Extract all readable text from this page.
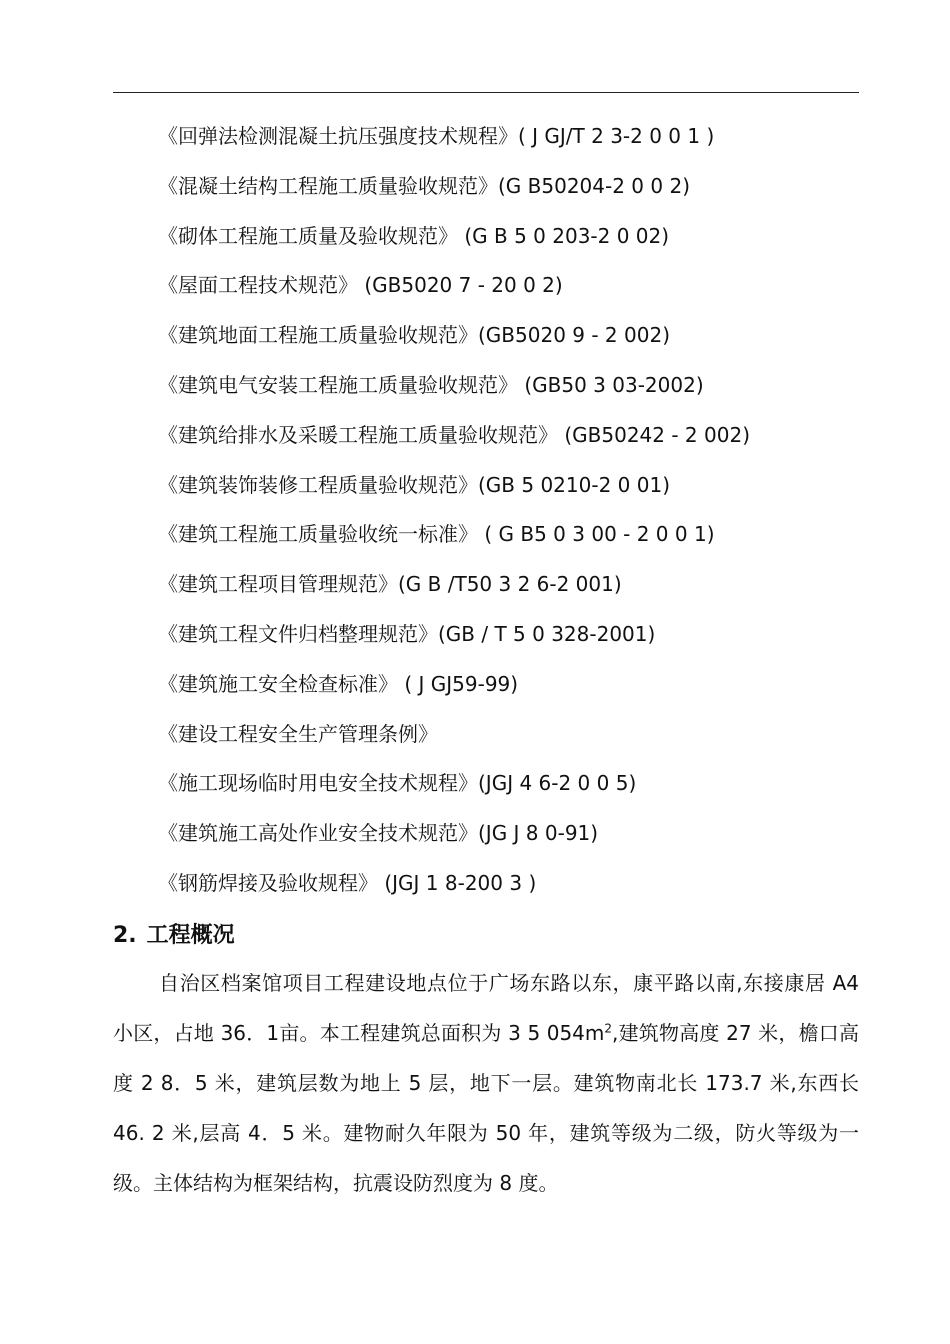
《回弹法检测混凝土抗压强度技术规程》( J GJ/T 2 3-2 0 0 1 )
《混凝土结构工程施工质量验收规范》(G B50204-2 0 0 2)
《砌体工程施工质量及验收规范》 (G B 5 0 203-2 0 02)
《屋面工程技术规范》 (GB5020 7 - 20 0 2)
《建筑地面工程施工质量验收规范》(GB5020 9 - 2 002)
《建筑电气安装工程施工质量验收规范》 (GB50 3 03-2002)
《建筑给排水及采暖工程施工质量验收规范》 (GB50242 - 2 002)
《建筑装饰装修工程质量验收规范》(GB 5 0210-2 0 01)
《建筑工程施工质量验收统一标准》 ( G B5 0 3 00 - 2 0 0 1)
《建筑工程项目管理规范》(G B /T50 3 2 6-2 001)
《建筑工程文件归档整理规范》(GB / T 5 0 328-2001)
《建筑施工安全检查标准》 ( J GJ59-99)
《建设工程安全生产管理条例》
《施工现场临时用电安全技术规程》(JGJ 4 6-2 0 0 5)
《建筑施工高处作业安全技术规范》(JG J 8 0-91)
《钢筋焊接及验收规程》 (JGJ 1 8-200 3 )
2. 工程概况

自治区档案馆项目工程建设地点位于广场东路以东，康平路以南,东接康居 A4 小区，占地 36．1亩。本工程建筑总面积为 3 5 $054m^2$,建筑物高度 27 米，檐口高度 2 8．5 米，建筑层数为地上 5 层，地下一层。建筑物南北长 173.7 米,东西长 46. 2 米,层高 4．5 米。建物耐久年限为 50 年，建筑等级为二级，防火等级为一级。主体结构为框架结构，抗震设防烈度为 8 度。
